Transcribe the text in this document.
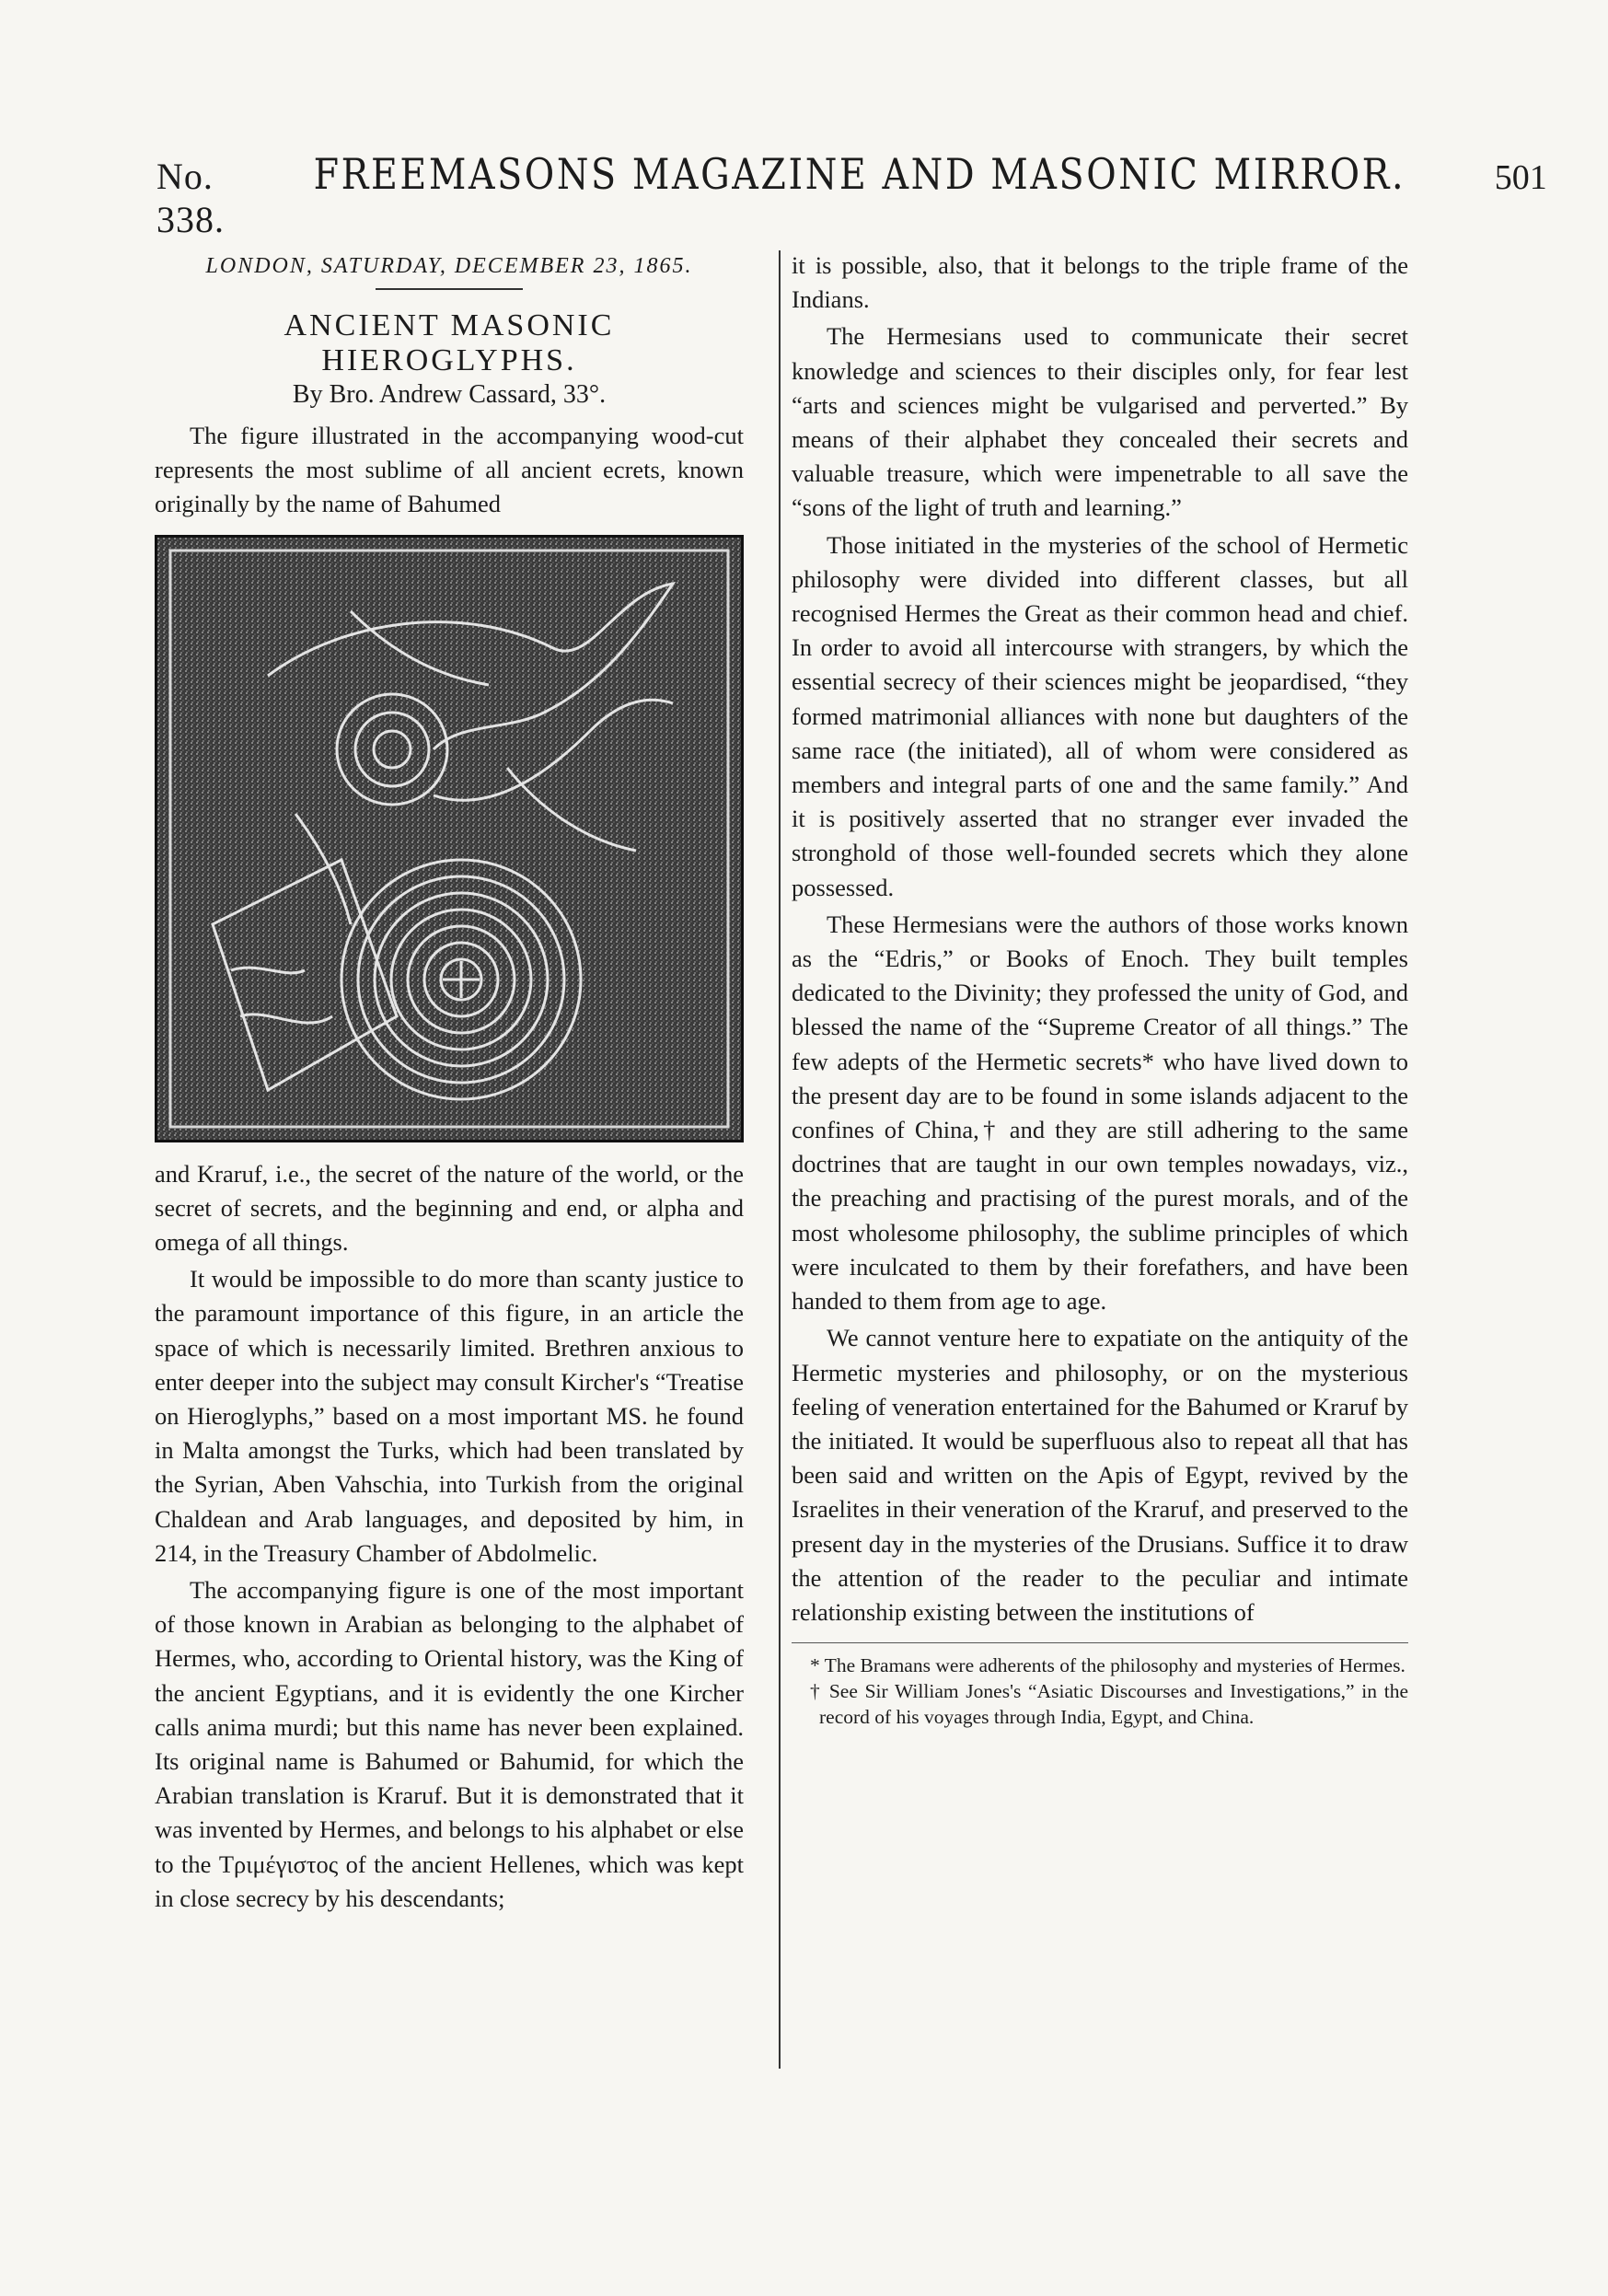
No. 338.
FREEMASONS MAGAZINE AND MASONIC MIRROR.	501
LONDON, SATURDAY, DECEMBER 23, 1865.
ANCIENT MASONIC HIEROGLYPHS.
By Bro. Andrew Cassard, 33°.

The figure illustrated in the accompanying wood-cut represents the most sublime of all ancient ecrets, known originally by the name of Bahumed

and Kraruf, i.e., the secret of the nature of the world, or the secret of secrets, and the beginning and end, or alpha and omega of all things.

It would be impossible to do more than scanty justice to the paramount importance of this figure, in an article the space of which is necessarily limited. Brethren anxious to enter deeper into the subject may consult Kircher's “Treatise on Hieroglyphs,” based on a most important MS. he found in Malta amongst the Turks, which had been translated by the Syrian, Aben Vahschia, into Turkish from the original Chaldean and Arab languages, and deposited by him, in 214, in the Treasury Chamber of Abdolmelic.

The accompanying figure is one of the most important of those known in Arabian as belonging to the alphabet of Hermes, who, according to Oriental history, was the King of the ancient Egyptians, and it is evidently the one Kircher calls anima murdi; but this name has never been explained. Its original name is Bahumed or Bahumid, for which the Arabian translation is Kraruf. But it is demonstrated that it was invented by Hermes, and belongs to his alphabet or else to the Τριμέγιστος of the ancient Hellenes, which was kept in close secrecy by his descendants;

it is possible, also, that it belongs to the triple frame of the Indians.

The Hermesians used to communicate their secret knowledge and sciences to their disciples only, for fear lest “arts and sciences might be vulgarised and perverted.” By means of their alphabet they concealed their secrets and valuable treasure, which were impenetrable to all save the “sons of the light of truth and learning.”

Those initiated in the mysteries of the school of Hermetic philosophy were divided into different classes, but all recognised Hermes the Great as their common head and chief. In order to avoid all intercourse with strangers, by which the essential secrecy of their sciences might be jeopardised, “they formed matrimonial alliances with none but daughters of the same race (the initiated), all of whom were considered as members and integral parts of one and the same family.” And it is positively asserted that no stranger ever invaded the stronghold of those well-founded secrets which they alone possessed.

These Hermesians were the authors of those works known as the “Edris,” or Books of Enoch. They built temples dedicated to the Divinity; they professed the unity of God, and blessed the name of the “Supreme Creator of all things.” The few adepts of the Hermetic secrets* who have lived down to the present day are to be found in some islands adjacent to the confines of China,† and they are still adhering to the same doctrines that are taught in our own temples nowadays, viz., the preaching and practising of the purest morals, and of the most wholesome philosophy, the sublime principles of which were inculcated to them by their forefathers, and have been handed to them from age to age.

We cannot venture here to expatiate on the antiquity of the Hermetic mysteries and philosophy, or on the mysterious feeling of veneration entertained for the Bahumed or Kraruf by the initiated. It would be superfluous also to repeat all that has been said and written on the Apis of Egypt, revived by the Israelites in their veneration of the Kraruf, and preserved to the present day in the mysteries of the Drusians. Suffice it to draw the attention of the reader to the peculiar and intimate relationship existing between the institutions of

* The Bramans were adherents of the philosophy and mysteries of Hermes.
† See Sir William Jones's “Asiatic Discourses and Investigations,” in the record of his voyages through India, Egypt, and China.
